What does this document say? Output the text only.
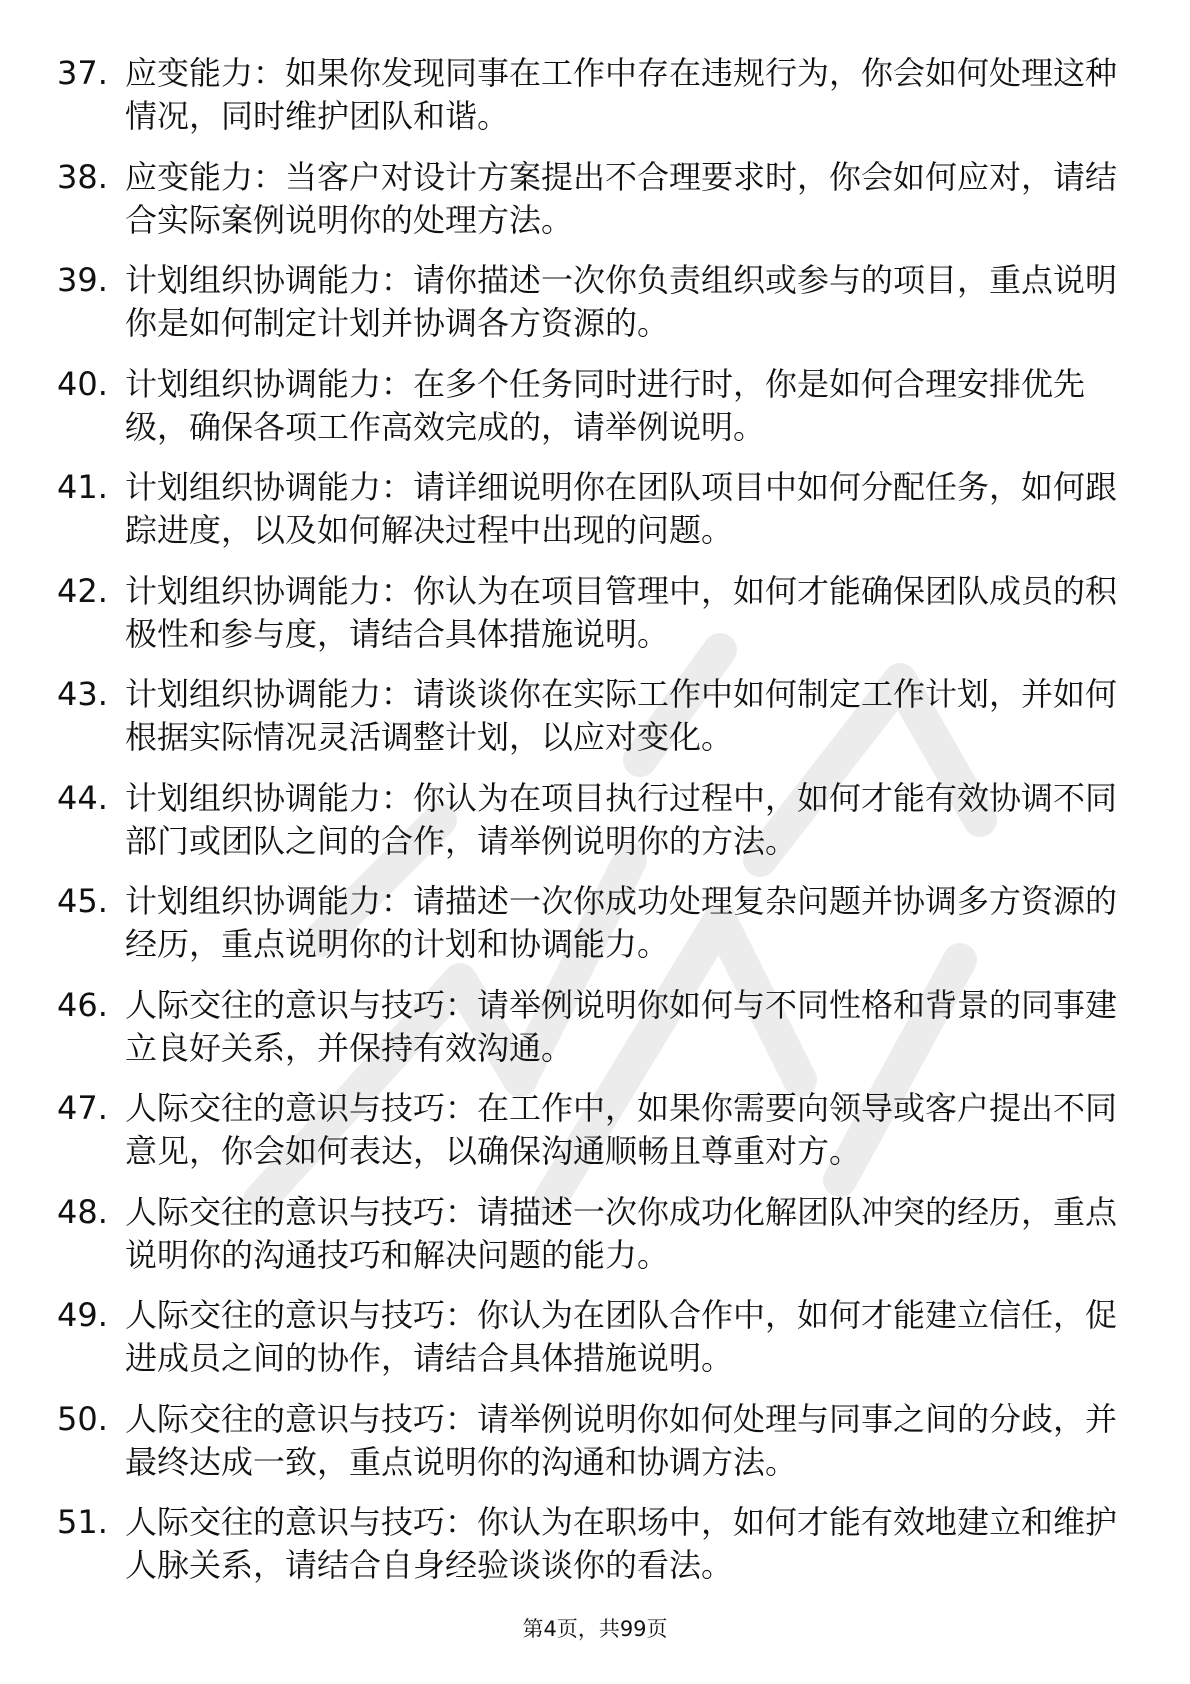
37. 应变能力：如果你发现同事在工作中存在违规行为，你会如何处理这种情况，同时维护团队和谐。
38. 应变能力：当客户对设计方案提出不合理要求时，你会如何应对，请结合实际案例说明你的处理方法。
39. 计划组织协调能力：请你描述一次你负责组织或参与的项目，重点说明你是如何制定计划并协调各方资源的。
40. 计划组织协调能力：在多个任务同时进行时，你是如何合理安排优先级，确保各项工作高效完成的，请举例说明。
41. 计划组织协调能力：请详细说明你在团队项目中如何分配任务，如何跟踪进度，以及如何解决过程中出现的问题。
42. 计划组织协调能力：你认为在项目管理中，如何才能确保团队成员的积极性和参与度，请结合具体措施说明。
43. 计划组织协调能力：请谈谈你在实际工作中如何制定工作计划，并如何根据实际情况灵活调整计划，以应对变化。
44. 计划组织协调能力：你认为在项目执行过程中，如何才能有效协调不同部门或团队之间的合作，请举例说明你的方法。
45. 计划组织协调能力：请描述一次你成功处理复杂问题并协调多方资源的经历，重点说明你的计划和协调能力。
46. 人际交往的意识与技巧：请举例说明你如何与不同性格和背景的同事建立良好关系，并保持有效沟通。
47. 人际交往的意识与技巧：在工作中，如果你需要向领导或客户提出不同意见，你会如何表达，以确保沟通顺畅且尊重对方。
48. 人际交往的意识与技巧：请描述一次你成功化解团队冲突的经历，重点说明你的沟通技巧和解决问题的能力。
49. 人际交往的意识与技巧：你认为在团队合作中，如何才能建立信任，促进成员之间的协作，请结合具体措施说明。
50. 人际交往的意识与技巧：请举例说明你如何处理与同事之间的分歧，并最终达成一致，重点说明你的沟通和协调方法。
51. 人际交往的意识与技巧：你认为在职场中，如何才能有效地建立和维护人脉关系，请结合自身经验谈谈你的看法。
第4页，共99页
